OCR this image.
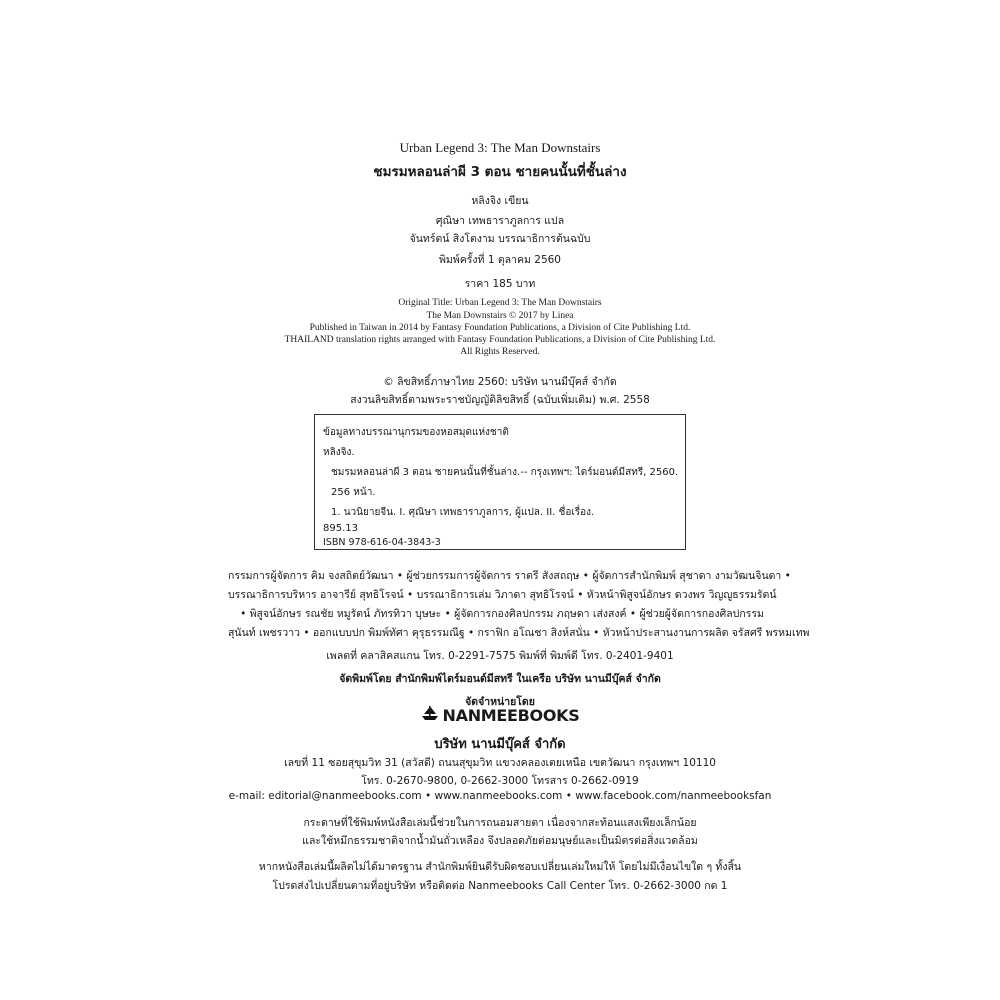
Urban Legend 3: The Man Downstairs
ชมรมหลอนล่าผี 3 ตอน ชายคนนั้นที่ชั้นล่าง
หลิงจิง เขียน
ศุณิษา เทพธาราภูลการ แปล
จันทร์ตน์ สิงโตงาม บรรณาธิการต้นฉบับ
พิมพ์ครั้งที่ 1 ตุลาคม 2560
ราคา 185 บาท
Original Title: Urban Legend 3: The Man Downstairs
The Man Downstairs © 2017 by Linea
Published in Taiwan in 2014 by Fantasy Foundation Publications, a Division of Cite Publishing Ltd.
THAILAND translation rights arranged with Fantasy Foundation Publications, a Division of Cite Publishing Ltd.
All Rights Reserved.
© ลิขสิทธิ์ภาษาไทย 2560: บริษัท นานมีบุ๊คส์ จำกัด
สงวนลิขสิทธิ์ตามพระราชบัญญัติลิขสิทธิ์ (ฉบับเพิ่มเติม) พ.ศ. 2558
ข้อมูลทางบรรณานุกรมของหอสมุดแห่งชาติ
หลิงจิง.
ชมรมหลอนล่าผี 3 ตอน ชายคนนั้นที่ชั้นล่าง.-- กรุงเทพฯ: ไดร์มอนด์มีสทรี, 2560.
256 หน้า.
1. นวนิยายจีน. I. ศุณิษา เทพธาราภูลการ, ผู้แปล. II. ชื่อเรื่อง.
895.13
ISBN 978-616-04-3843-3
กรรมการผู้จัดการ คิม จงสถิตย์วัฒนา • ผู้ช่วยกรรมการผู้จัดการ ราตรี สังสถฤษ • ผู้จัดการสำนักพิมพ์ สุชาดา งามวัฒนจินดา •
บรรณาธิการบริหาร อาจารีย์ สุทธิโรจน์ • บรรณาธิการเล่ม วิภาดา สุทธิโรจน์ • หัวหน้าพิสูจน์อักษร ดวงพร วิญญูธรรมรัตน์
• พิสูจน์อักษร รณชัย หมูรัตน์ ภัทรทิวา บุษษะ • ผู้จัดการกองศิลปกรรม ภฤษดา เส่งสงค์ • ผู้ช่วยผู้จัดการกองศิลปกรรม
สุนันท์ เพชรวาว • ออกแบบปก พิมพ์ทัศา คุรุธรรมณีฐ • กราฟิก อโณชา สิงห์สนั่น • หัวหน้าประสานงานการผลิต จรัสศรี พรหมเทพ
เพลตที่ คลาสิคสแกน โทร. 0-2291-7575 พิมพ์ที่ พิมพ์ดี โทร. 0-2401-9401
จัดพิมพ์โดย สำนักพิมพ์ไดร์มอนด์มีสทรี ในเครือ บริษัท นานมีบุ๊คส์ จำกัด
จัดจำหน่ายโดย
NANMEEBOOKS
บริษัท นานมีบุ๊คส์ จำกัด
เลขที่ 11 ซอยสุขุมวิท 31 (สวัสดี) ถนนสุขุมวิท แขวงคลองเตยเหนือ เขตวัฒนา กรุงเทพฯ 10110
โทร. 0-2670-9800, 0-2662-3000 โทรสาร 0-2662-0919
e-mail: editorial@nanmeebooks.com • www.nanmeebooks.com • www.facebook.com/nanmeebooksfan
กระดาษที่ใช้พิมพ์หนังสือเล่มนี้ช่วยในการถนอมสายตา เนื่องจากสะท้อนแสงเพียงเล็กน้อย
และใช้หมึกธรรมชาติจากน้ำมันถั่วเหลือง จึงปลอดภัยต่อมนุษย์และเป็นมิตรต่อสิ่งแวดล้อม
หากหนังสือเล่มนี้ผลิตไม่ได้มาตรฐาน สำนักพิมพ์ยินดีรับผิดชอบเปลี่ยนเล่มใหม่ให้ โดยไม่มีเงื่อนไขใด ๆ ทั้งสิ้น
โปรดส่งไปเปลี่ยนตามที่อยู่บริษัท หรือติดต่อ Nanmeebooks Call Center โทร. 0-2662-3000 กด 1
